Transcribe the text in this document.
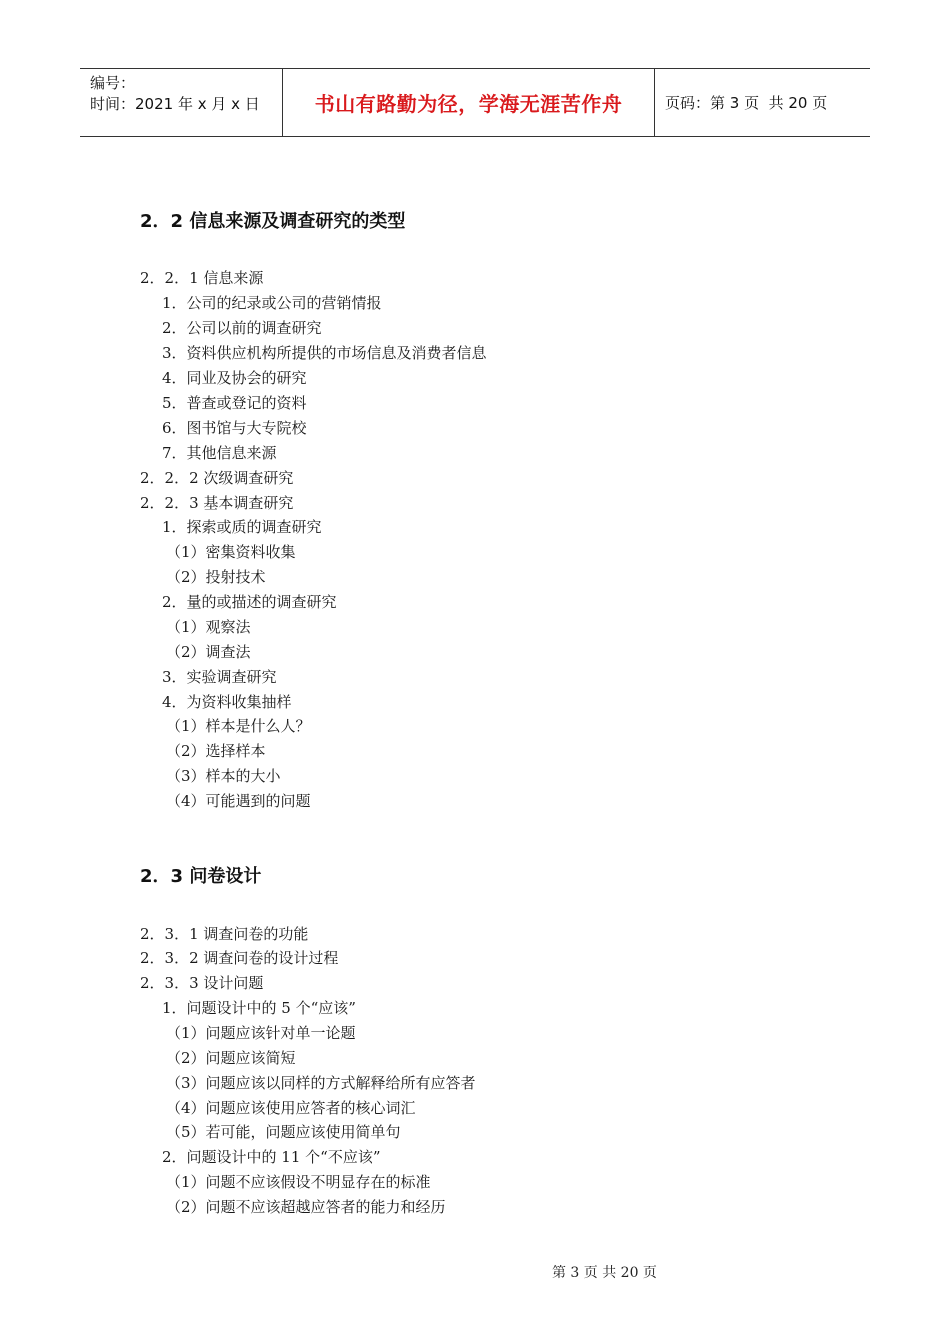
编号：
时间：2021 年 x 月 x 日	书山有路勤为径，学海无涯苦作舟	页码：第 3 页  共 20 页
2．2 信息来源及调查研究的类型
2．2．1 信息来源
1．公司的纪录或公司的营销情报
2．公司以前的调查研究
3．资料供应机构所提供的市场信息及消费者信息
4．同业及协会的研究
5．普查或登记的资料
6．图书馆与大专院校
7．其他信息来源
2．2．2 次级调查研究
2．2．3 基本调查研究
1．探索或质的调查研究
（1）密集资料收集
（2）投射技术
2．量的或描述的调查研究
（1）观察法
（2）调查法
3．实验调查研究
4．为资料收集抽样
（1）样本是什么人？
（2）选择样本
（3）样本的大小
（4）可能遇到的问题
2．3 问卷设计
2．3．1 调查问卷的功能
2．3．2 调查问卷的设计过程
2．3．3 设计问题
1．问题设计中的 5 个“应该”
（1）问题应该针对单一论题
（2）问题应该简短
（3）问题应该以同样的方式解释给所有应答者
（4）问题应该使用应答者的核心词汇
（5）若可能，问题应该使用简单句
2．问题设计中的 11 个“不应该”
（1）问题不应该假设不明显存在的标准
（2）问题不应该超越应答者的能力和经历

第 3 页 共 20 页
